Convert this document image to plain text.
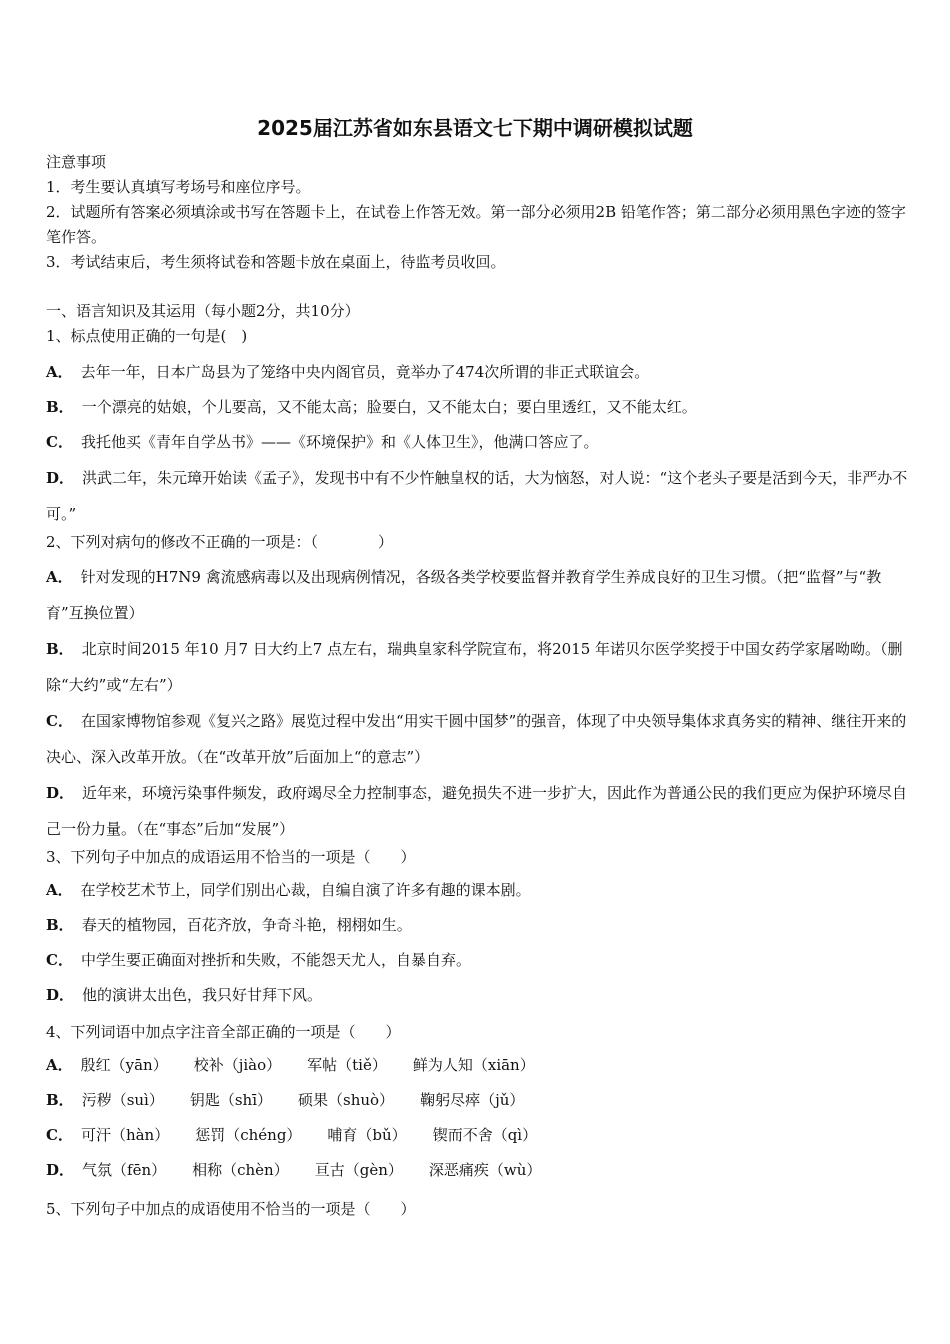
2025届江苏省如东县语文七下期中调研模拟试题
注意事项
1．考生要认真填写考场号和座位序号。
2．试题所有答案必须填涂或书写在答题卡上，在试卷上作答无效。第一部分必须用2B 铅笔作答；第二部分必须用黑色字迹的签字笔作答。
3．考试结束后，考生须将试卷和答题卡放在桌面上，待监考员收回。
一、语言知识及其运用（每小题2分，共10分）
1、标点使用正确的一句是(　)
A． 去年一年，日本广岛县为了笼络中央内阁官员，竟举办了474次所谓的非正式联谊会。
B． 一个漂亮的姑娘，个儿要高，又不能太高；脸要白，又不能太白；要白里透红，又不能太红。
C． 我托他买《青年自学丛书》——《环境保护》和《人体卫生》，他满口答应了。
D． 洪武二年，朱元璋开始读《孟子》，发现书中有不少忤触皇权的话，大为恼怒，对人说：“这个老头子要是活到今天，非严办不可。”
2、下列对病句的修改不正确的一项是：（　　　　）
A． 针对发现的H7N9 禽流感病毒以及出现病例情况，各级各类学校要监督并教育学生养成良好的卫生习惯。（把“监督”与“教育”互换位置）
B． 北京时间2015 年10 月7 日大约上7 点左右，瑞典皇家科学院宣布，将2015 年诺贝尔医学奖授于中国女药学家屠呦呦。（删除“大约”或“左右”）
C． 在国家博物馆参观《复兴之路》展览过程中发出“用实干圆中国梦”的强音，体现了中央领导集体求真务实的精神、继往开来的决心、深入改革开放。（在“改革开放”后面加上“的意志”）
D． 近年来，环境污染事件频发，政府竭尽全力控制事态，避免损失不进一步扩大，因此作为普通公民的我们更应为保护环境尽自己一份力量。（在“事态”后加“发展”）
3、下列句子中加点的成语运用不恰当的一项是（　　）
A． 在学校艺术节上，同学们别出心裁，自编自演了许多有趣的课本剧。
B． 春天的植物园，百花齐放，争奇斗艳，栩栩如生。
C． 中学生要正确面对挫折和失败，不能怨天尤人，自暴自弃。
D． 他的演讲太出色，我只好甘拜下风。
4、下列词语中加点字注音全部正确的一项是（　　）
A． 殷红（yān） 校补（jiào） 军帖（tiě） 鲜为人知（xiān）
B． 污秽（suì） 钥匙（shī） 硕果（shuò） 鞠躬尽瘁（jǔ）
C． 可汗（hàn） 惩罚（chéng） 哺育（bǔ） 锲而不舍（qì）
D． 气氛（fēn） 相称（chèn） 亘古（gèn） 深恶痛疾（wù）
5、下列句子中加点的成语使用不恰当的一项是（　　）
